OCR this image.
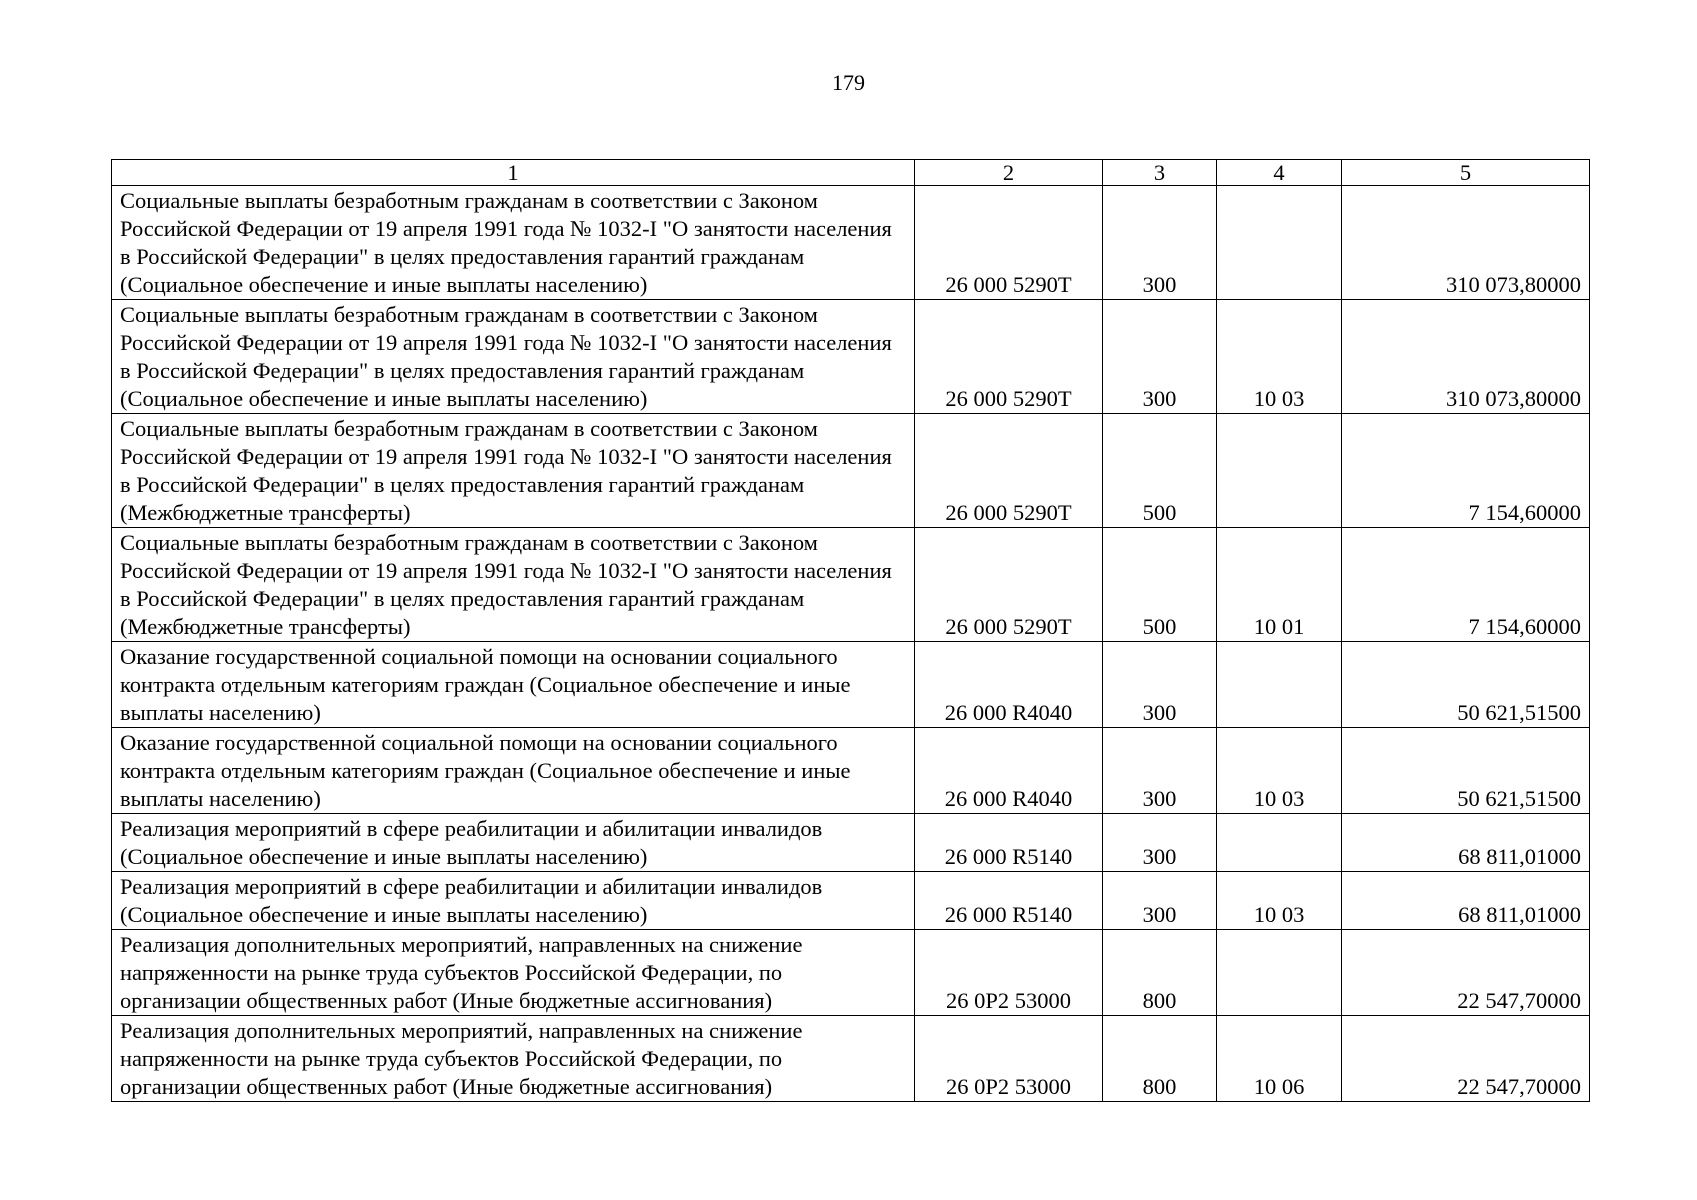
179
1	2	3	4	5
Социальные выплаты безработным гражданам в соответствии с Законом Российской Федерации от 19 апреля 1991 года № 1032-I "О занятости населения в Российской Федерации" в целях предоставления гарантий гражданам (Социальное обеспечение и иные выплаты населению)	26 000 5290T	300		310 073,80000
Социальные выплаты безработным гражданам в соответствии с Законом Российской Федерации от 19 апреля 1991 года № 1032-I "О занятости населения в Российской Федерации" в целях предоставления гарантий гражданам (Социальное обеспечение и иные выплаты населению)	26 000 5290T	300	10 03	310 073,80000
Социальные выплаты безработным гражданам в соответствии с Законом Российской Федерации от 19 апреля 1991 года № 1032-I "О занятости населения в Российской Федерации" в целях предоставления гарантий гражданам (Межбюджетные трансферты)	26 000 5290T	500		7 154,60000
Социальные выплаты безработным гражданам в соответствии с Законом Российской Федерации от 19 апреля 1991 года № 1032-I "О занятости населения в Российской Федерации" в целях предоставления гарантий гражданам (Межбюджетные трансферты)	26 000 5290T	500	10 01	7 154,60000
Оказание государственной социальной помощи на основании социального контракта отдельным категориям граждан (Социальное обеспечение и иные выплаты населению)	26 000 R4040	300		50 621,51500
Оказание государственной социальной помощи на основании социального контракта отдельным категориям граждан (Социальное обеспечение и иные выплаты населению)	26 000 R4040	300	10 03	50 621,51500
Реализация мероприятий в сфере реабилитации и абилитации инвалидов (Социальное обеспечение и иные выплаты населению)	26 000 R5140	300		68 811,01000
Реализация мероприятий в сфере реабилитации и абилитации инвалидов (Социальное обеспечение и иные выплаты населению)	26 000 R5140	300	10 03	68 811,01000
Реализация дополнительных мероприятий, направленных на снижение напряженности на рынке труда субъектов Российской Федерации, по организации общественных работ (Иные бюджетные ассигнования)	26 0P2 53000	800		22 547,70000
Реализация дополнительных мероприятий, направленных на снижение напряженности на рынке труда субъектов Российской Федерации, по организации общественных работ (Иные бюджетные ассигнования)	26 0P2 53000	800	10 06	22 547,70000
